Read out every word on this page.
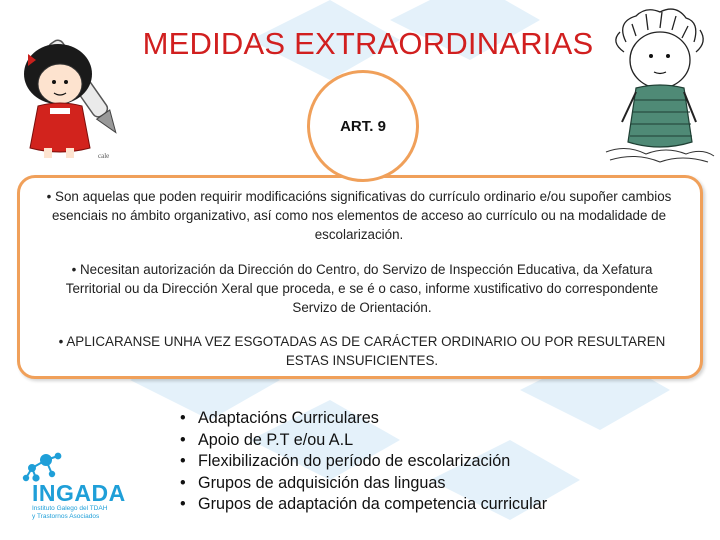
cale
MEDIDAS EXTRAORDINARIAS
ART. 9
• Son aquelas que poden requirir modificacións significativas do currículo ordinario e/ou supoñer cambios esenciais no ámbito organizativo, así como nos elementos de acceso ao currículo ou na modalidade de escolarización.
• Necesitan autorización da Dirección do Centro, do Servizo de Inspección Educativa, da Xefatura Territorial ou da Dirección Xeral que proceda, e se é o caso, informe xustificativo do correspondente Servizo de Orientación.
• APLICARANSE UNHA VEZ ESGOTADAS AS DE CARÁCTER ORDINARIO OU POR RESULTAREN ESTAS INSUFICIENTES.
• Adaptacións Curriculares
• Apoio de P.T e/ou A.L
• Flexibilización do período de escolarización
• Grupos de adquisición das linguas
• Grupos de adaptación da competencia curricular
INGADA
Instituto Galego del TDAH y Trastornos Asociados
